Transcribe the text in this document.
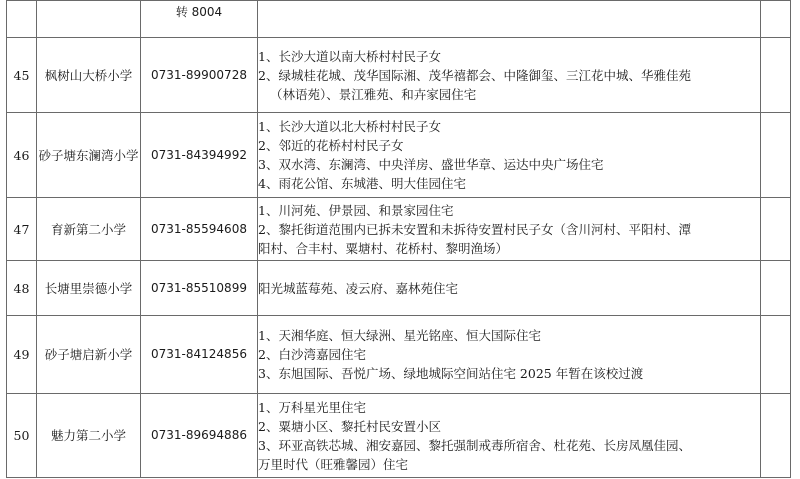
		转 8004		
45	枫树山大桥小学	0731-89900728	1、长沙大道以南大桥村村民子女
2、绿城桂花城、茂华国际湘、茂华禧都会、中隆御玺、三江花中城、华雅佳苑
（林语苑）、景江雅苑、和卉家园住宅	

46	砂子塘东澜湾小学	0731-84394992	1、长沙大道以北大桥村村民子女
2、邻近的花桥村村民子女
3、双水湾、东澜湾、中央洋房、盛世华章、运达中央广场住宅
4、雨花公馆、东城港、明大佳园住宅	

47	育新第二小学	0731-85594608	1、川河苑、伊景园、和景家园住宅
2、黎托街道范围内已拆未安置和未拆待安置村民子女（含川河村、平阳村、潭
阳村、合丰村、粟塘村、花桥村、黎明渔场）	

48	长塘里崇德小学	0731-85510899	阳光城蓝莓苑、凌云府、嘉林苑住宅	

49	砂子塘启新小学	0731-84124856	1、天湘华庭、恒大绿洲、星光铭座、恒大国际住宅
2、白沙湾嘉园住宅
3、东旭国际、吾悦广场、绿地城际空间站住宅 2025 年暂在该校过渡	

50	魅力第二小学	0731-89694886	1、万科星光里住宅
2、粟塘小区、黎托村民安置小区
3、环亚高铁芯城、湘安嘉园、黎托强制戒毒所宿舍、杜花苑、长房凤凰佳园、
万里时代（旺雅馨园）住宅	
